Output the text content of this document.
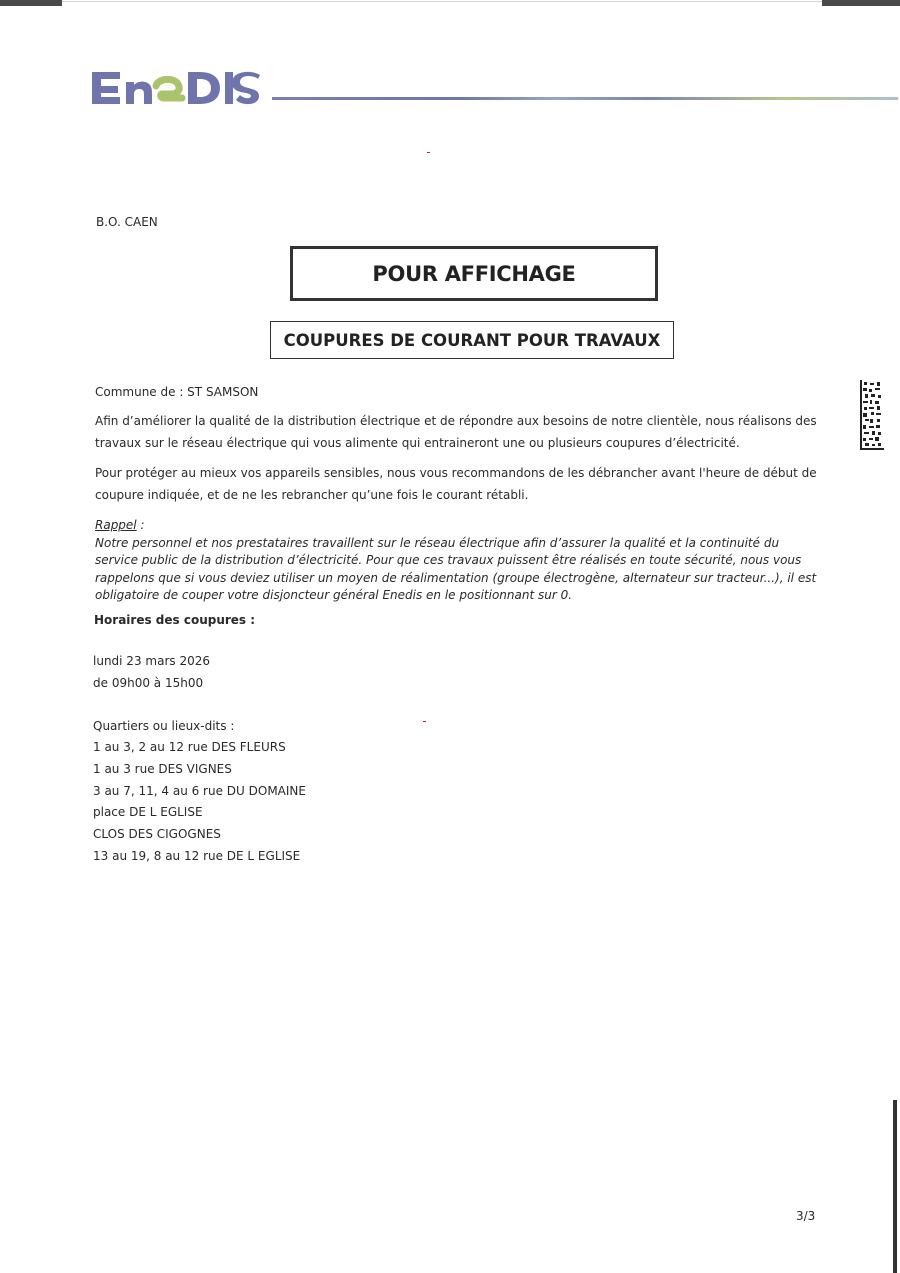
B.O. CAEN
POUR AFFICHAGE
COUPURES DE COURANT POUR TRAVAUX
Commune de : ST SAMSON
Afin d’améliorer la qualité de la distribution électrique et de répondre aux besoins de notre clientèle, nous réalisons des travaux sur le réseau électrique qui vous alimente qui entraineront une ou plusieurs coupures d’électricité.
Pour protéger au mieux vos appareils sensibles, nous vous recommandons de les débrancher avant l'heure de début de coupure indiquée, et de ne les rebrancher qu’une fois le courant rétabli.
Rappel :
Notre personnel et nos prestataires travaillent sur le réseau électrique afin d’assurer la qualité et la continuité du service public de la distribution d’électricité. Pour que ces travaux puissent être réalisés en toute sécurité, nous vous rappelons que si vous deviez utiliser un moyen de réalimentation (groupe électrogène, alternateur sur tracteur...), il est obligatoire de couper votre disjoncteur général Enedis en le positionnant sur 0.
Horaires des coupures :
lundi 23 mars 2026
de 09h00 à 15h00
Quartiers ou lieux-dits :
1 au 3, 2 au 12 rue DES FLEURS
1 au 3 rue DES VIGNES
3 au 7, 11, 4 au 6 rue DU DOMAINE
place DE L EGLISE
CLOS DES CIGOGNES
13 au 19, 8 au 12 rue DE L EGLISE
3/3
